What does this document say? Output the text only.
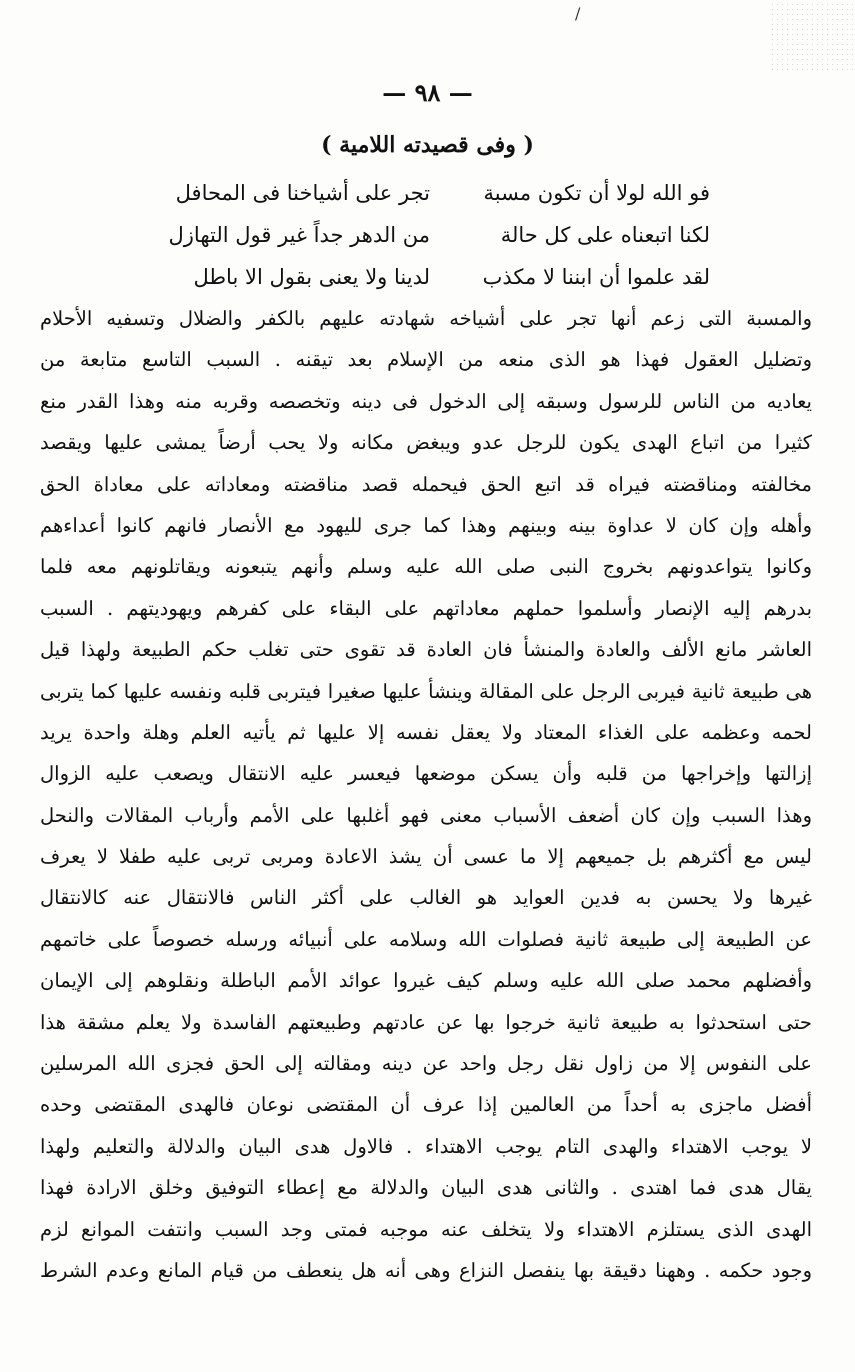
/
— ٩٨ —
( وفى قصيدته اللامية )
فو الله لولا أن تكون مسبة
تجر على أشياخنا فى المحافل
لكنا اتبعناه على كل حالة
من الدهر جداً غير قول التهازل
لقد علموا أن ابننا لا مكذب
لدينا ولا يعنى بقول الا باطل
والمسبة التى زعم أنها تجر على أشياخه شهادته عليهم بالكفر والضلال وتسفيه الأحلام
وتضليل العقول فهذا هو الذى منعه من الإسلام بعد تيقنه . السبب التاسع متابعة من
يعاديه من الناس للرسول وسبقه إلى الدخول فى دينه وتخصصه وقربه منه وهذا القدر منع
كثيرا من اتباع الهدى يكون للرجل عدو ويبغض مكانه ولا يحب أرضاً يمشى عليها ويقصد
مخالفته ومناقضته فيراه قد اتبع الحق فيحمله قصد مناقضته ومعاداته على معاداة الحق
وأهله وإن كان لا عداوة بينه وبينهم وهذا كما جرى لليهود مع الأنصار فانهم كانوا أعداءهم
وكانوا يتواعدونهم بخروج النبى صلى الله عليه وسلم وأنهم يتبعونه ويقاتلونهم معه فلما
بدرهم إليه الإنصار وأسلموا حملهم معاداتهم على البقاء على كفرهم ويهوديتهم . السبب
العاشر مانع الألف والعادة والمنشأ فان العادة قد تقوى حتى تغلب حكم الطبيعة ولهذا قيل
هى طبيعة ثانية فيربى الرجل على المقالة وينشأ عليها صغيرا فيتربى قلبه ونفسه عليها كما يتربى
لحمه وعظمه على الغذاء المعتاد ولا يعقل نفسه إلا عليها ثم يأتيه العلم وهلة واحدة يريد
إزالتها وإخراجها من قلبه وأن يسكن موضعها فيعسر عليه الانتقال ويصعب عليه الزوال
وهذا السبب وإن كان أضعف الأسباب معنى فهو أغلبها على الأمم وأرباب المقالات والنحل
ليس مع أكثرهم بل جميعهم إلا ما عسى أن يشذ الاعادة ومربى تربى عليه طفلا لا يعرف
غيرها ولا يحسن به فدين العوايد هو الغالب على أكثر الناس فالانتقال عنه كالانتقال
عن الطبيعة إلى طبيعة ثانية فصلوات الله وسلامه على أنبيائه ورسله خصوصاً على خاتمهم
وأفضلهم محمد صلى الله عليه وسلم كيف غيروا عوائد الأمم الباطلة ونقلوهم إلى الإيمان
حتى استحدثوا به طبيعة ثانية خرجوا بها عن عادتهم وطبيعتهم الفاسدة ولا يعلم مشقة هذا
على النفوس إلا من زاول نقل رجل واحد عن دينه ومقالته إلى الحق فجزى الله المرسلين
أفضل ماجزى به أحداً من العالمين إذا عرف أن المقتضى نوعان فالهدى المقتضى وحده
لا يوجب الاهتداء والهدى التام يوجب الاهتداء . فالاول هدى البيان والدلالة والتعليم ولهذا
يقال هدى فما اهتدى . والثانى هدى البيان والدلالة مع إعطاء التوفيق وخلق الارادة فهذا
الهدى الذى يستلزم الاهتداء ولا يتخلف عنه موجبه فمتى وجد السبب وانتفت الموانع لزم
وجود حكمه . وههنا دقيقة بها ينفصل النزاع وهى أنه هل ينعطف من قيام المانع وعدم الشرط
